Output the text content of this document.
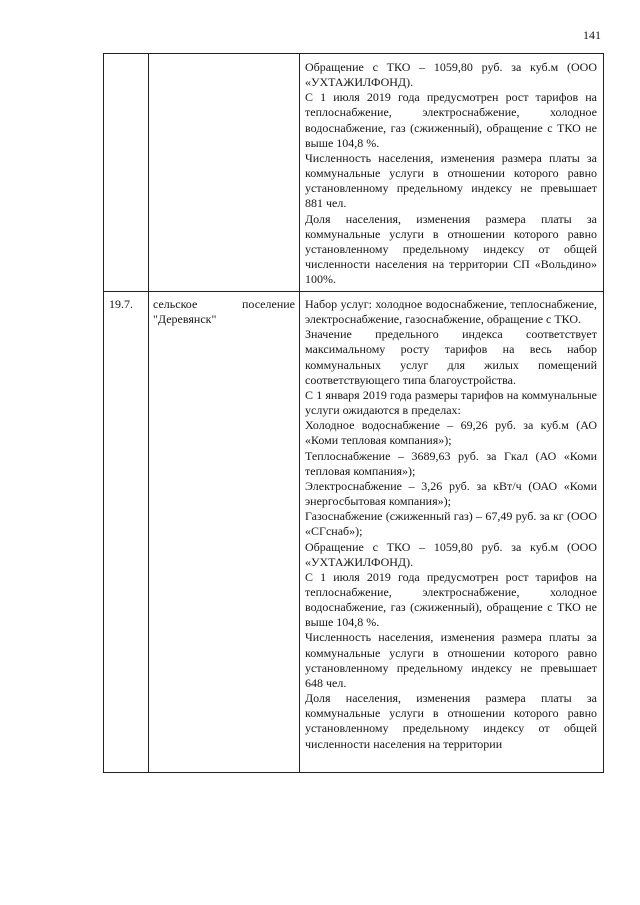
141

Обращение с ТКО – 1059,80 руб. за куб.м (ООО «УХТАЖИЛФОНД).

С 1 июля 2019 года предусмотрен рост тарифов на теплоснабжение, электроснабжение, холодное водоснабжение, газ (сжиженный), обращение с ТКО не выше 104,8 %.

Численность населения, изменения размера платы за коммунальные услуги в отношении которого равно установленному предельному индексу не превышает 881 чел.

Доля населения, изменения размера платы за коммунальные услуги в отношении которого равно установленному предельному индексу от общей численности населения на территории СП «Вольдино» 100%.

19.7. сельское поселение "Деревянск"

Набор услуг: холодное водоснабжение, теплоснабжение, электроснабжение, газоснабжение, обращение с ТКО.

Значение предельного индекса соответствует максимальному росту тарифов на весь набор коммунальных услуг для жилых помещений соответствующего типа благоустройства.

С 1 января 2019 года размеры тарифов на коммунальные услуги ожидаются в пределах:

Холодное водоснабжение – 69,26 руб. за куб.м (АО «Коми тепловая компания»);

Теплоснабжение – 3689,63 руб. за Гкал (АО «Коми тепловая компания»);

Электроснабжение – 3,26 руб. за кВт/ч (ОАО «Коми энергосбытовая компания»);

Газоснабжение (сжиженный газ) – 67,49 руб. за кг (ООО «СГснаб»);

Обращение с ТКО – 1059,80 руб. за куб.м (ООО «УХТАЖИЛФОНД).

С 1 июля 2019 года предусмотрен рост тарифов на теплоснабжение, электроснабжение, холодное водоснабжение, газ (сжиженный), обращение с ТКО не выше 104,8 %.

Численность населения, изменения размера платы за коммунальные услуги в отношении которого равно установленному предельному индексу не превышает 648 чел.

Доля населения, изменения размера платы за коммунальные услуги в отношении которого равно установленному предельному индексу от общей численности населения на территории
